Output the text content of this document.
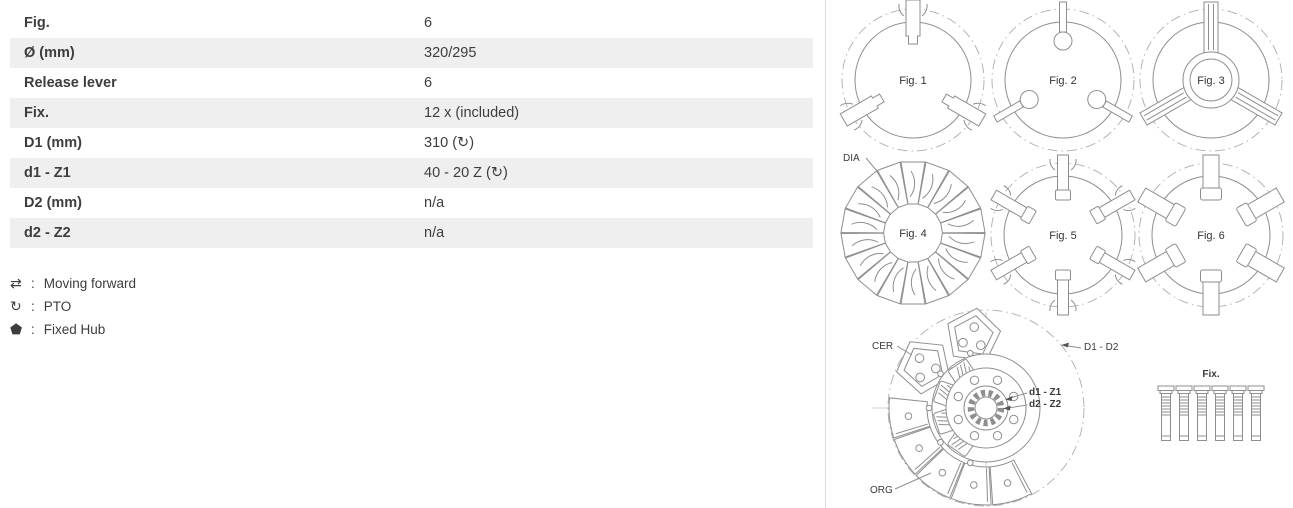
Fig.	6
Ø (mm)	320/295
Release lever	6
Fix.	12 x (included)
D1 (mm)	310 (↻)
d1 - Z1	40 - 20 Z (↻)
D2 (mm)	n/a
d2 - Z2	n/a
⇄ : Moving forward
↻ : PTO
⬟ : Fixed Hub
Fig. 1	Fig. 2	Fig. 3
DIA
Fig. 4	Fig. 5	Fig. 6
CER
ORG
D1 - D2
d1 - Z1
d2 - Z2
Fix.
